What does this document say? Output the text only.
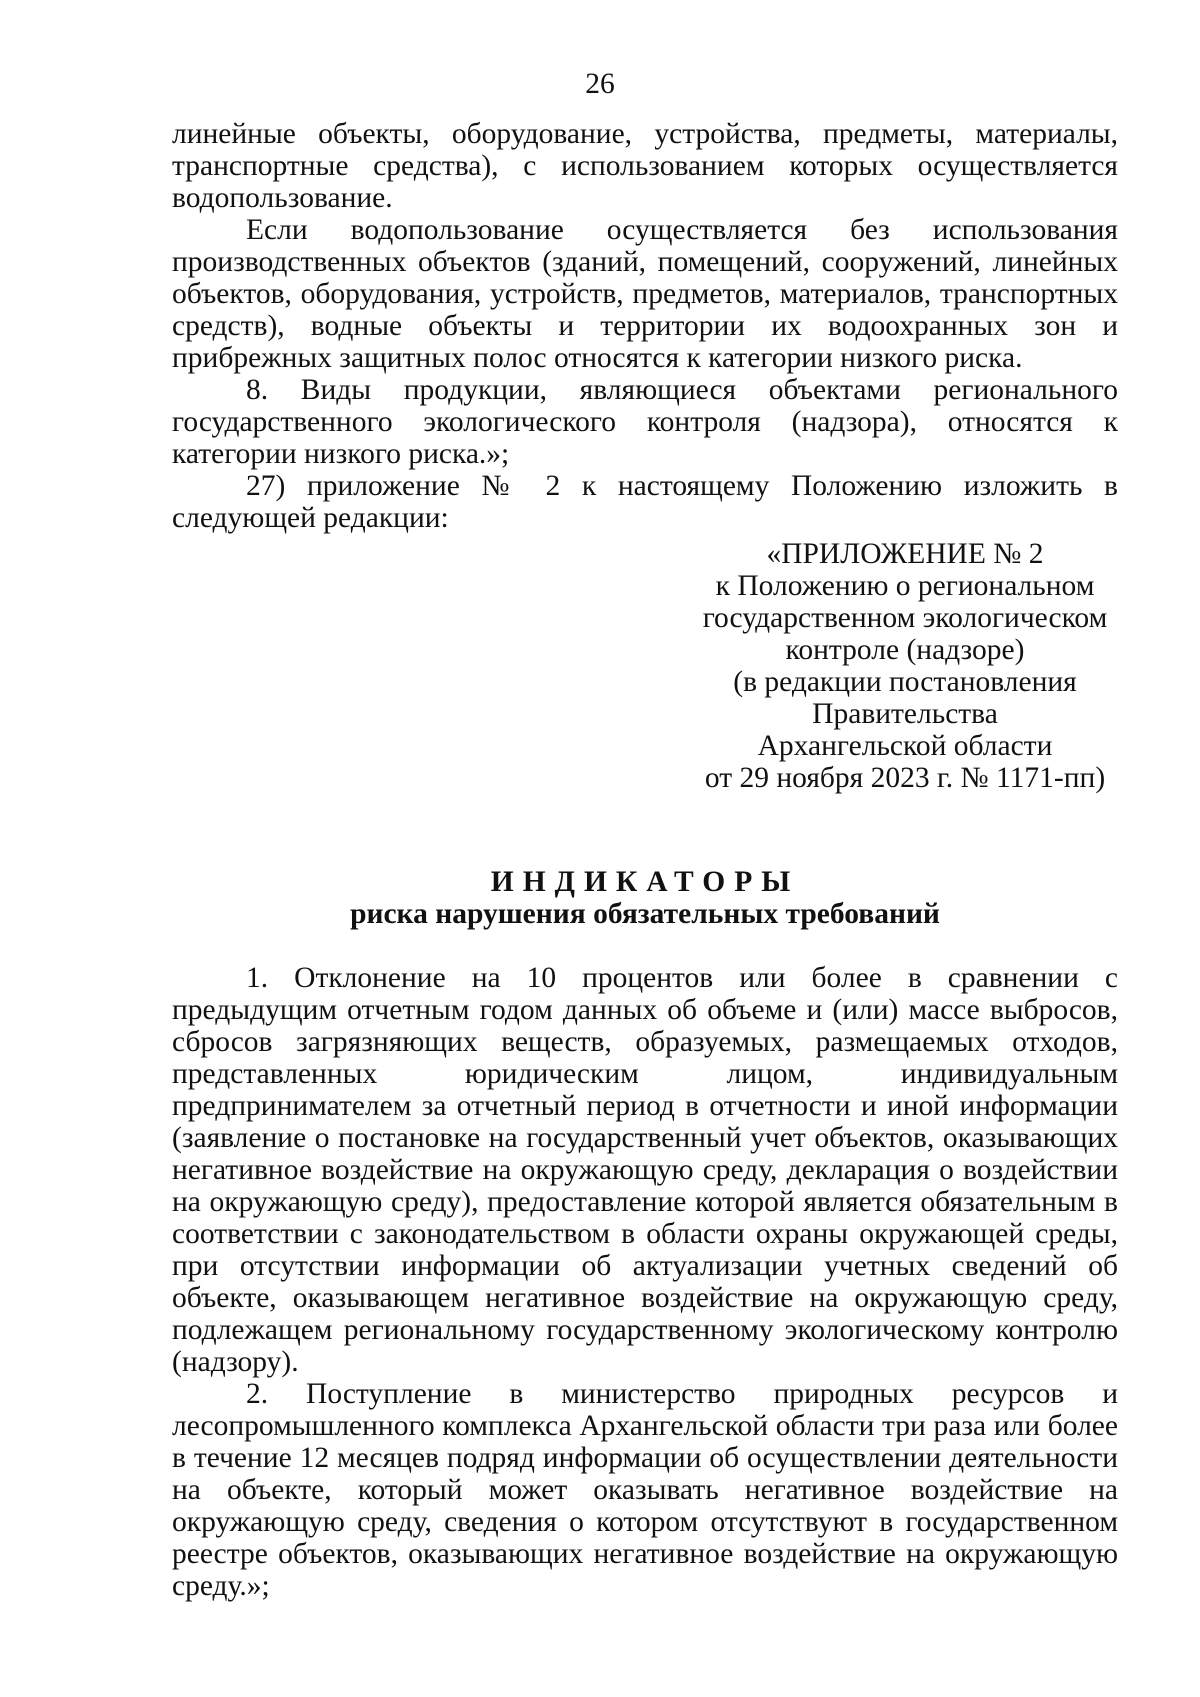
26

линейные объекты, оборудование, устройства, предметы, материалы, транспортные средства), с использованием которых осуществляется водопользование.

Если водопользование осуществляется без использования производственных объектов (зданий, помещений, сооружений, линейных объектов, оборудования, устройств, предметов, материалов, транспортных средств), водные объекты и территории их водоохранных зон и прибрежных защитных полос относятся к категории низкого риска.

8. Виды продукции, являющиеся объектами регионального государственного экологического контроля (надзора), относятся к категории низкого риска.»;

27) приложение № 2 к настоящему Положению изложить в следующей редакции:

«ПРИЛОЖЕНИЕ № 2
к Положению о региональном
государственном экологическом
контроле (надзоре)
(в редакции постановления
Правительства
Архангельской области
от 29 ноября 2023 г. № 1171-пп)
ИНДИКАТОРЫ
риска нарушения обязательных требований

1. Отклонение на 10 процентов или более в сравнении с предыдущим отчетным годом данных об объеме и (или) массе выбросов, сбросов загрязняющих веществ, образуемых, размещаемых отходов, представленных юридическим лицом, индивидуальным предпринимателем за отчетный период в отчетности и иной информации (заявление о постановке на государственный учет объектов, оказывающих негативное воздействие на окружающую среду, декларация о воздействии на окружающую среду), предоставление которой является обязательным в соответствии с законодательством в области охраны окружающей среды, при отсутствии информации об актуализации учетных сведений об объекте, оказывающем негативное воздействие на окружающую среду, подлежащем региональному государственному экологическому контролю (надзору).

2. Поступление в министерство природных ресурсов и лесопромышленного комплекса Архангельской области три раза или более в течение 12 месяцев подряд информации об осуществлении деятельности на объекте, который может оказывать негативное воздействие на окружающую среду, сведения о котором отсутствуют в государственном реестре объектов, оказывающих негативное воздействие на окружающую среду.»;
